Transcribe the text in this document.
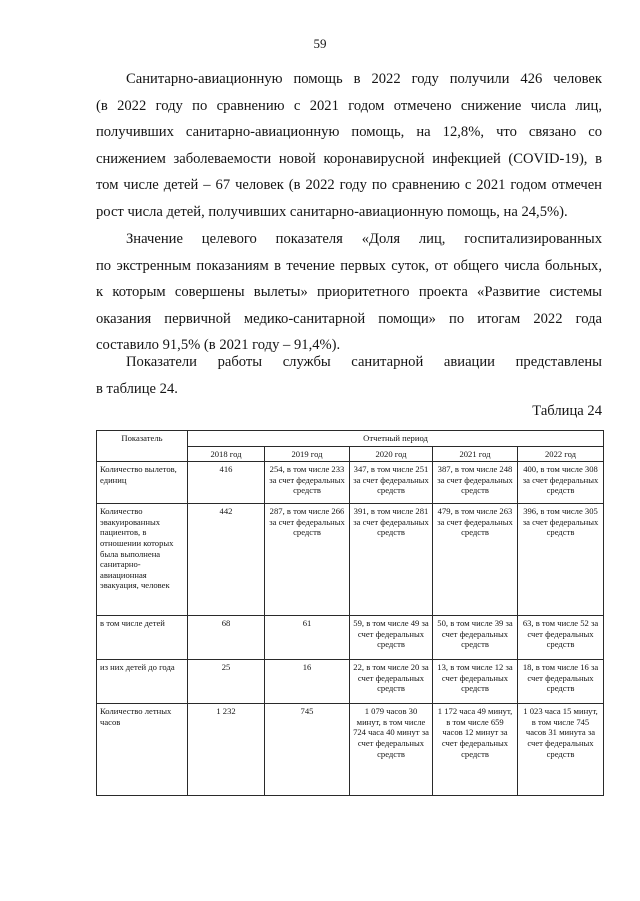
59
Санитарно-авиационную помощь в 2022 году получили 426 человек
(в 2022 году по сравнению с 2021 годом отмечено снижение числа лиц,
получивших санитарно-авиационную помощь, на 12,8%, что связано со
снижением заболеваемости новой коронавирусной инфекцией (COVID-19), в
том числе детей – 67 человек (в 2022 году по сравнению с 2021 годом отмечен
рост числа детей, получивших санитарно-авиационную помощь, на 24,5%).
Значение целевого показателя «Доля лиц, госпитализированных
по экстренным показаниям в течение первых суток, от общего числа больных,
к которым совершены вылеты» приоритетного проекта «Развитие системы
оказания первичной медико-санитарной помощи» по итогам 2022 года
составило 91,5% (в 2021 году – 91,4%).
Показатели работы службы санитарной авиации представлены
в таблице 24.
Таблица 24
Показатель	Отчетный период				
	2018 год	2019 год	2020 год	2021 год	2022 год
Количество вылетов, единиц	416	254, в том числе 233 за счет федеральных средств	347, в том числе 251 за счет федеральных средств	387, в том числе 248 за счет федеральных средств	400, в том числе 308 за счет федеральных средств
Количество эвакуированных пациентов, в отношении которых была выполнена санитарно-авиационная эвакуация, человек	442	287, в том числе 266 за счет федеральных средств	391, в том числе 281 за счет федеральных средств	479, в том числе 263 за счет федеральных средств	396, в том числе 305 за счет федеральных средств
в том числе детей	68	61	59, в том числе 49 за счет федеральных средств	50, в том числе 39 за счет федеральных средств	63, в том числе 52 за счет федеральных средств
из них детей до года	25	16	22, в том числе 20 за счет федеральных средств	13, в том числе 12 за счет федеральных средств	18, в том числе 16 за счет федеральных средств
Количество летных часов	1 232	745	1 079 часов 30 минут, в том числе 724 часа 40 минут за счет федеральных средств	1 172 часа 49 минут, в том числе 659 часов 12 минут за счет федеральных средств	1 023 часа 15 минут, в том числе 745 часов 31 минута за счет федеральных средств
